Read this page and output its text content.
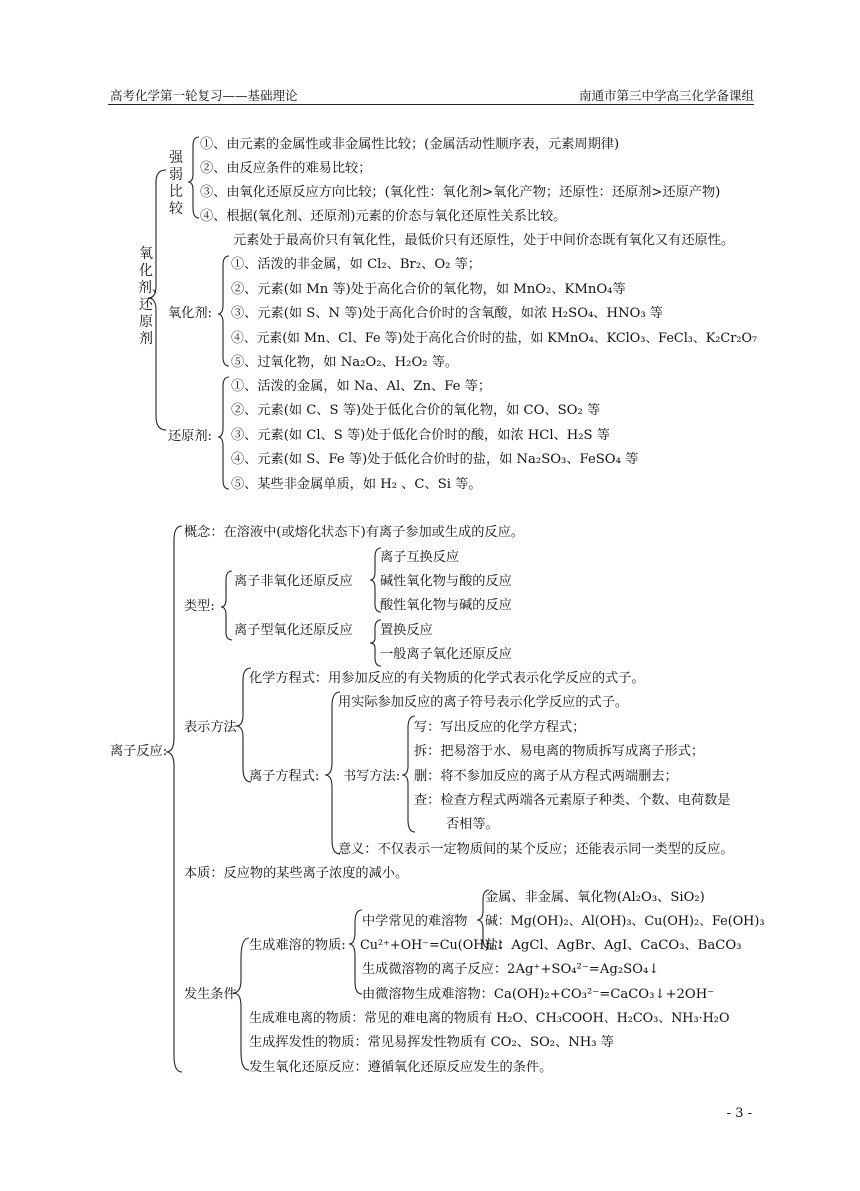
高考化学第一轮复习——基础理论	南通市第三中学高三化学备课组
氧化剂、还原剂
强弱比较
①、由元素的金属性或非金属性比较；(金属活动性顺序表，元素周期律)
②、由反应条件的难易比较；
③、由氧化还原反应方向比较；(氧化性：氧化剂>氧化产物；还原性：还原剂>还原产物)
④、根据(氧化剂、还原剂)元素的价态与氧化还原性关系比较。
元素处于最高价只有氧化性，最低价只有还原性，处于中间价态既有氧化又有还原性。
氧化剂:
①、活泼的非金属，如 Cl₂、Br₂、O₂ 等；
②、元素(如 Mn 等)处于高化合价的氧化物，如 MnO₂、KMnO₄等
③、元素(如 S、N 等)处于高化合价时的含氧酸，如浓 H₂SO₄、HNO₃ 等
④、元素(如 Mn、Cl、Fe 等)处于高化合价时的盐，如 KMnO₄、KClO₃、FeCl₃、K₂Cr₂O₇
⑤、过氧化物，如 Na₂O₂、H₂O₂ 等。
还原剂:
①、活泼的金属，如 Na、Al、Zn、Fe 等；
②、元素(如 C、S 等)处于低化合价的氧化物，如 CO、SO₂ 等
③、元素(如 Cl、S 等)处于低化合价时的酸，如浓 HCl、H₂S 等
④、元素(如 S、Fe 等)处于低化合价时的盐，如 Na₂SO₃、FeSO₄ 等
⑤、某些非金属单质，如 H₂ 、C、Si 等。
离子反应:
概念：在溶液中(或熔化状态下)有离子参加或生成的反应。
类型:
离子非氧化还原反应
离子互换反应
碱性氧化物与酸的反应
酸性氧化物与碱的反应
离子型氧化还原反应 置换反应
一般离子氧化还原反应
表示方法
化学方程式：用参加反应的有关物质的化学式表示化学反应的式子。
离子方程式:
用实际参加反应的离子符号表示化学反应的式子。
书写方法:
写：写出反应的化学方程式；
拆：把易溶于水、易电离的物质拆写成离子形式；
删：将不参加反应的离子从方程式两端删去；
查：检查方程式两端各元素原子种类、个数、电荷数是
否相等。
意义：不仅表示一定物质间的某个反应；还能表示同一类型的反应。
本质：反应物的某些离子浓度的减小。
发生条件
生成难溶的物质:
中学常见的难溶物
金属、非金属、氧化物(Al₂O₃、SiO₂)
碱：Mg(OH)₂、Al(OH)₃、Cu(OH)₂、Fe(OH)₃
盐：AgCl、AgBr、AgI、CaCO₃、BaCO₃
Cu²⁺+OH⁻=Cu(OH)₂↓
生成微溶物的离子反应：2Ag⁺+SO₄²⁻=Ag₂SO₄↓
由微溶物生成难溶物：Ca(OH)₂+CO₃²⁻=CaCO₃↓+2OH⁻
生成难电离的物质：常见的难电离的物质有 H₂O、CH₃COOH、H₂CO₃、NH₃·H₂O
生成挥发性的物质：常见易挥发性物质有 CO₂、SO₂、NH₃ 等
发生氧化还原反应：遵循氧化还原反应发生的条件。
- 3 -
